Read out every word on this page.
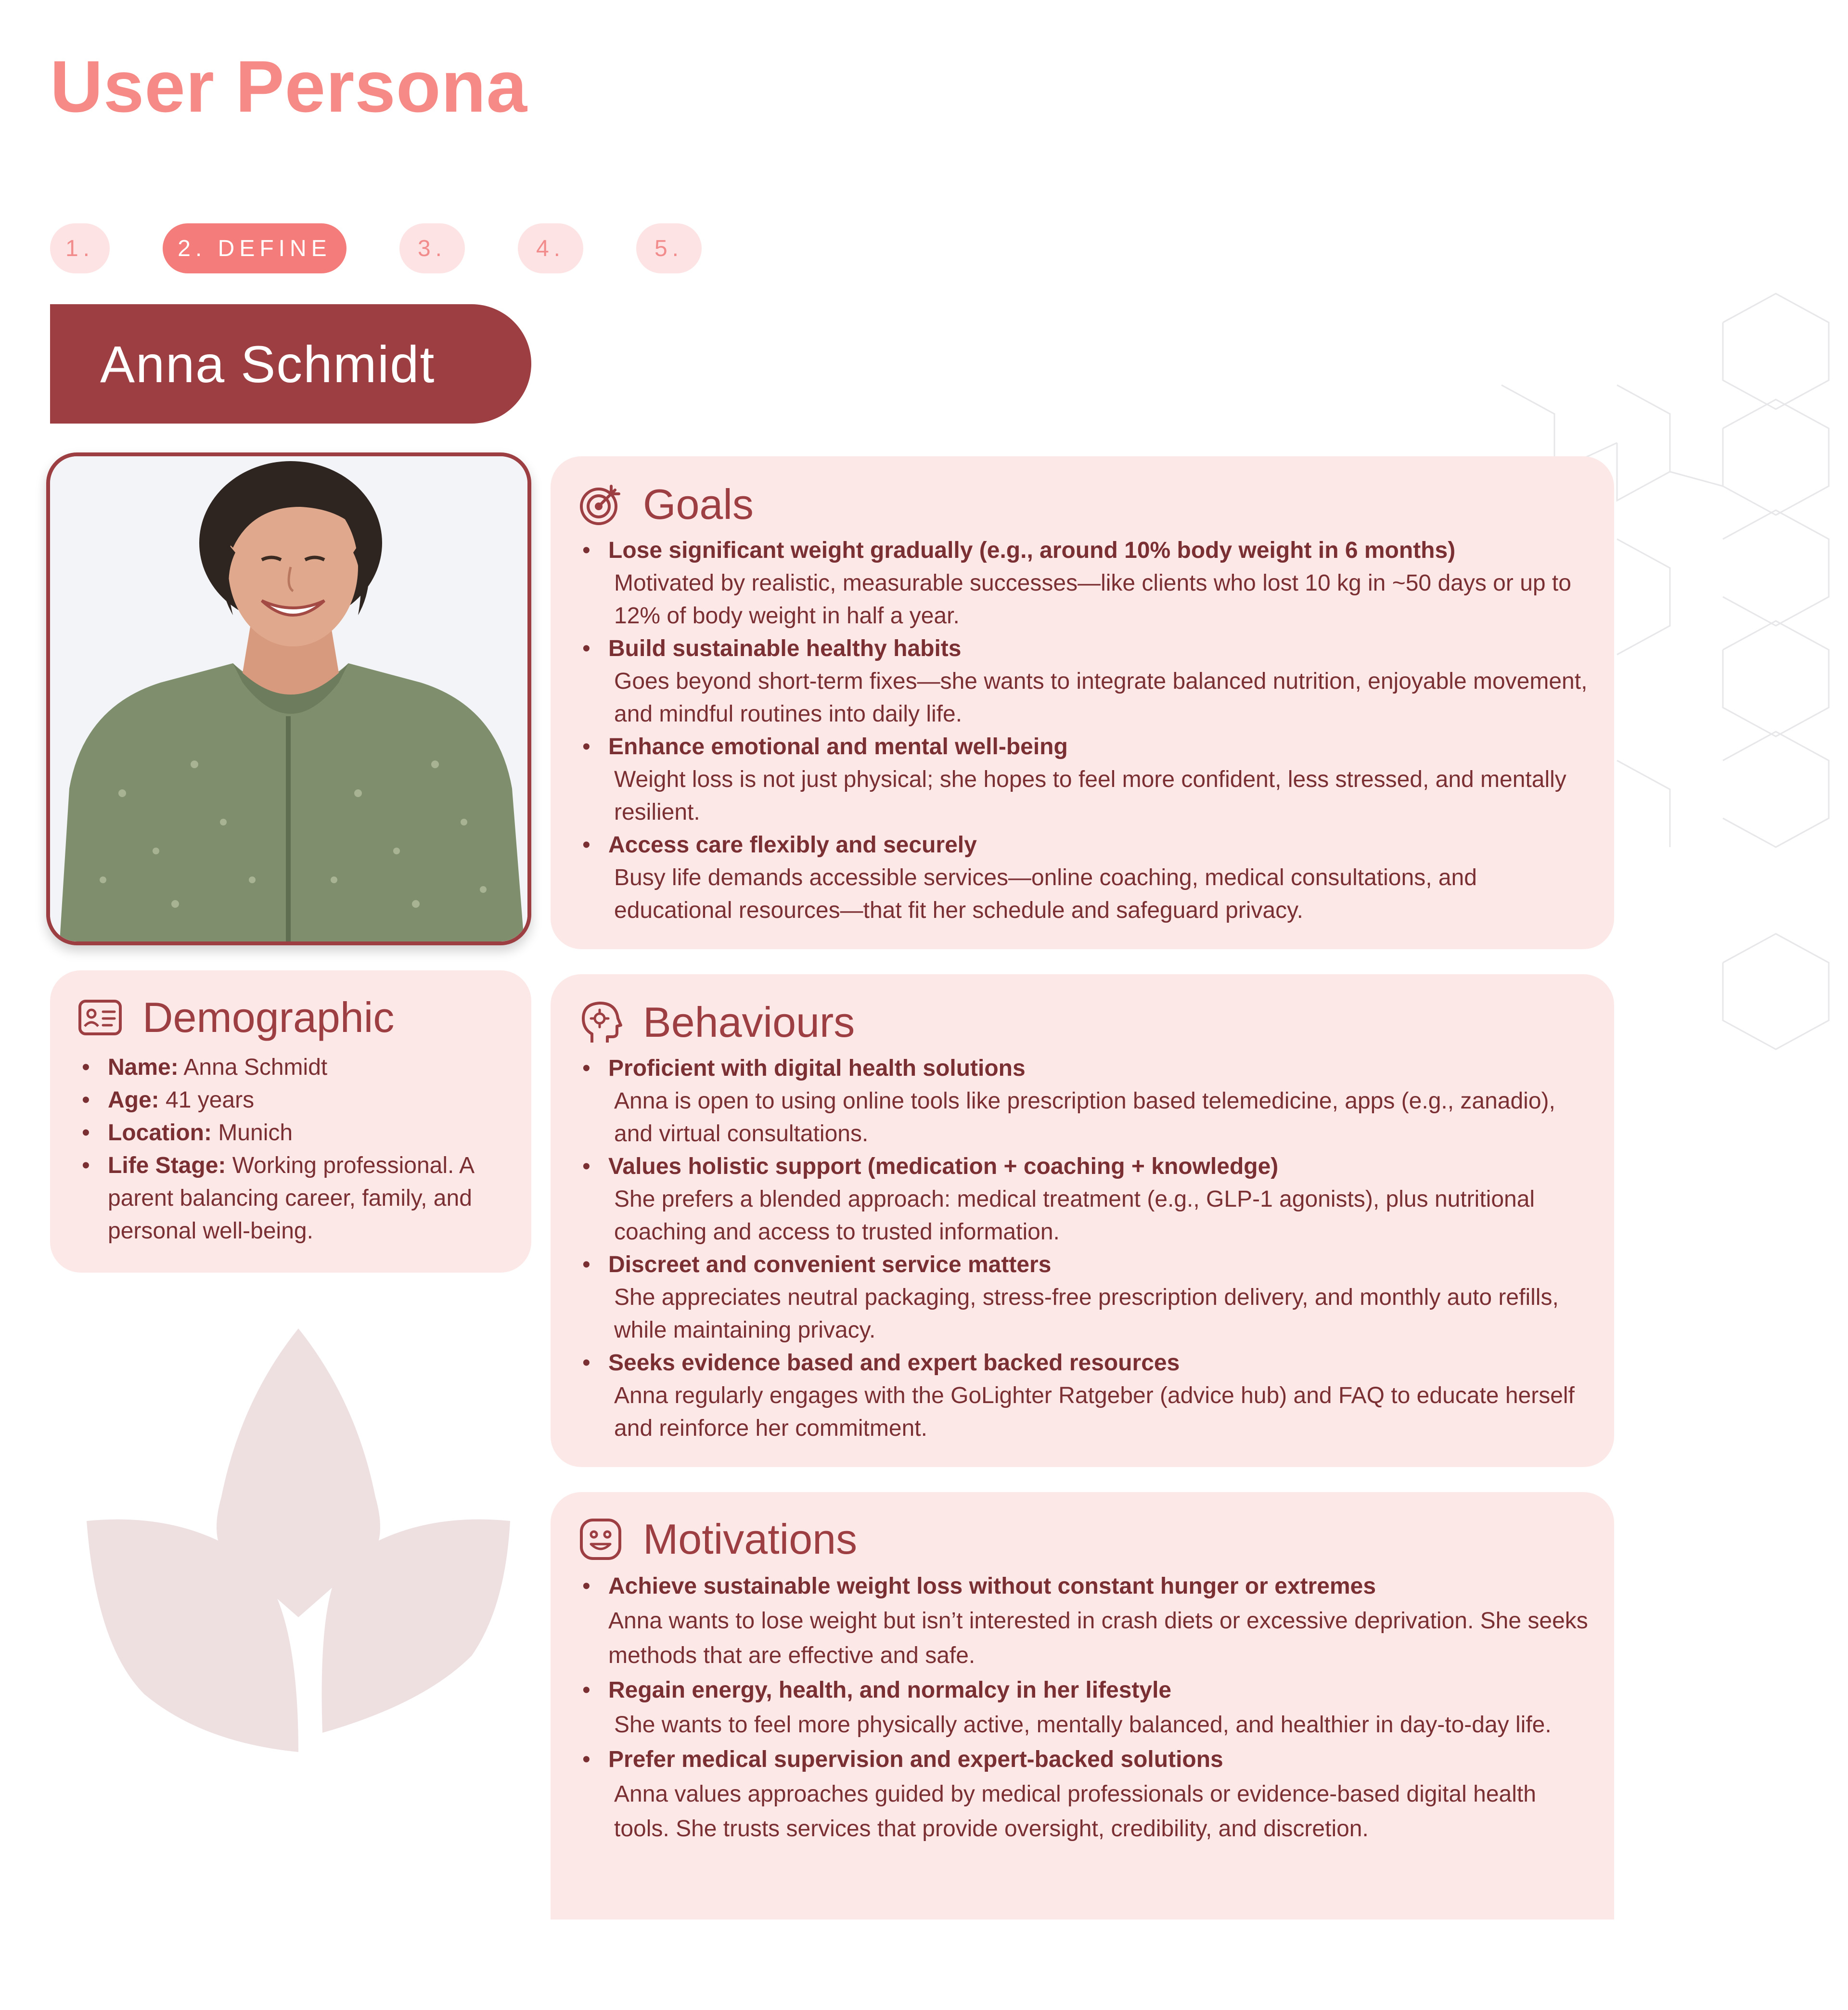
User Persona
1.	2. DEFINE	3.	4.	5.
Anna Schmidt
Demographic
• Name: Anna Schmidt
• Age: 41 years
• Location: Munich
• Life Stage: Working professional. A parent balancing career, family, and personal well-being.
Goals
• Lose significant weight gradually (e.g., around 10% body weight in 6 months)
Motivated by realistic, measurable successes—like clients who lost 10 kg in ~50 days or up to 12% of body weight in half a year.
• Build sustainable healthy habits
Goes beyond short-term fixes—she wants to integrate balanced nutrition, enjoyable movement, and mindful routines into daily life.
• Enhance emotional and mental well-being
Weight loss is not just physical; she hopes to feel more confident, less stressed, and mentally resilient.
• Access care flexibly and securely
Busy life demands accessible services—online coaching, medical consultations, and educational resources—that fit her schedule and safeguard privacy.
Behaviours
• Proficient with digital health solutions
Anna is open to using online tools like prescription based telemedicine, apps (e.g., zanadio), and virtual consultations.
• Values holistic support (medication + coaching + knowledge)
She prefers a blended approach: medical treatment (e.g., GLP-1 agonists), plus nutritional coaching and access to trusted information.
• Discreet and convenient service matters
She appreciates neutral packaging, stress-free prescription delivery, and monthly auto refills, while maintaining privacy.
• Seeks evidence based and expert backed resources
Anna regularly engages with the GoLighter Ratgeber (advice hub) and FAQ to educate herself and reinforce her commitment.
Motivations
• Achieve sustainable weight loss without constant hunger or extremes
Anna wants to lose weight but isn’t interested in crash diets or excessive deprivation. She seeks methods that are effective and safe.
• Regain energy, health, and normalcy in her lifestyle
She wants to feel more physically active, mentally balanced, and healthier in day-to-day life.
• Prefer medical supervision and expert-backed solutions
Anna values approaches guided by medical professionals or evidence-based digital health tools. She trusts services that provide oversight, credibility, and discretion.
